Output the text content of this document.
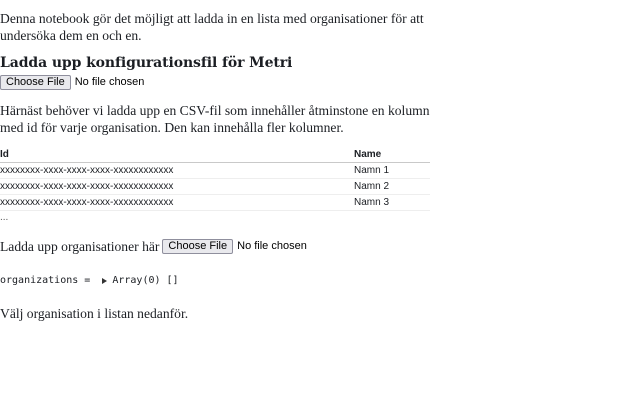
Denna notebook gör det möjligt att ladda in en lista med organisationer för att undersöka dem en och en.

Ladda upp konfigurationsfil för Metri
Choose File No file chosen

Härnäst behöver vi ladda upp en CSV-fil som innehåller åtminstone en kolumn med id för varje organisation. Den kan innehålla fler kolumner.

Id	Name
xxxxxxxx-xxxx-xxxx-xxxx-xxxxxxxxxxxx	Namn 1
xxxxxxxx-xxxx-xxxx-xxxx-xxxxxxxxxxxx	Namn 2
xxxxxxxx-xxxx-xxxx-xxxx-xxxxxxxxxxxx	Namn 3
...
Ladda upp organisationer här Choose File No file chosen
organizations = Array(0) []

Välj organisation i listan nedanför.
